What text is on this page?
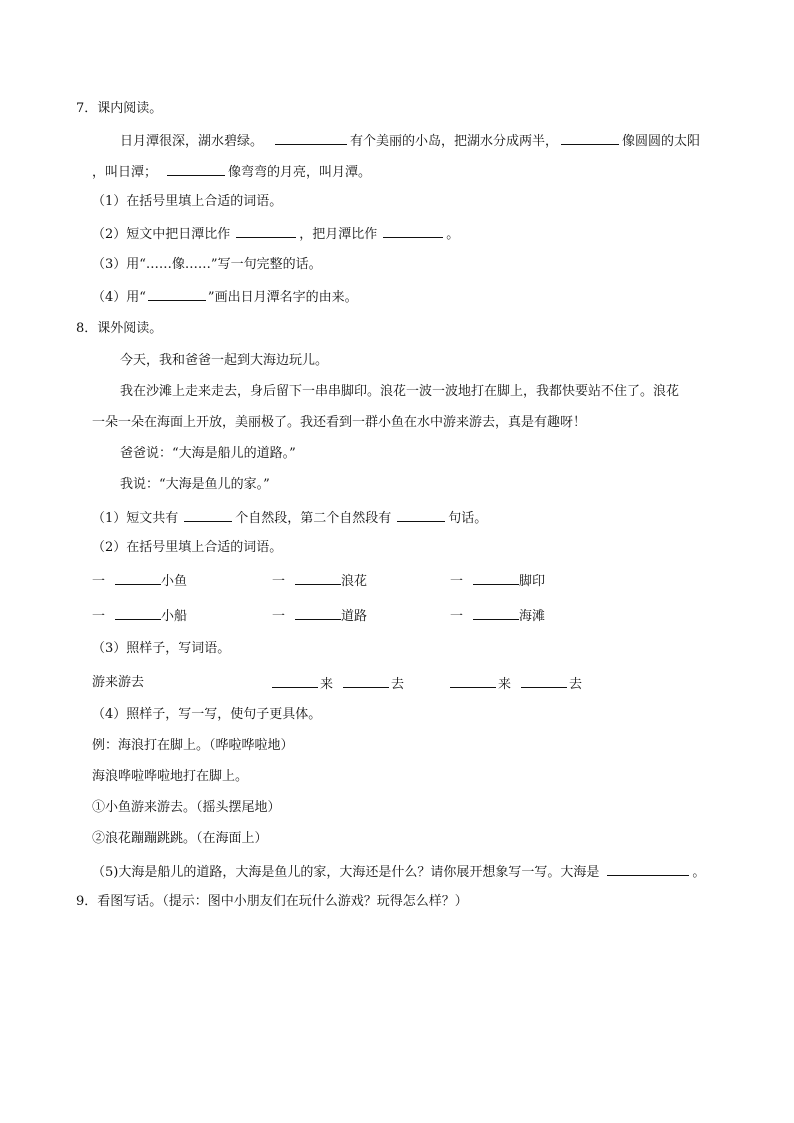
7．课内阅读。
日月潭很深，湖水碧绿。	有个美丽的小岛，把湖水分成两半，	像圆圆的太阳
，叫日潭；	像弯弯的月亮，叫月潭。
（1）在括号里填上合适的词语。
（2）短文中把日潭比作	，把月潭比作	。
（3）用“……像……”写一句完整的话。
（4）用“	”画出日月潭名字的由来。
8．课外阅读。
今天，我和爸爸一起到大海边玩儿。
我在沙滩上走来走去，身后留下一串串脚印。浪花一波一波地打在脚上，我都快要站不住了。浪花
一朵一朵在海面上开放，美丽极了。我还看到一群小鱼在水中游来游去，真是有趣呀！
爸爸说：“大海是船儿的道路。”
我说：“大海是鱼儿的家。”
（1）短文共有	个自然段，第二个自然段有	句话。
（2）在括号里填上合适的词语。
一	小鱼	一	浪花	一	脚印
一	小船	一	道路	一	海滩
（3）照样子，写词语。
游来游去	来	去	来	去
（4）照样子，写一写，使句子更具体。
例：海浪打在脚上。（哗啦哗啦地）
海浪哗啦哗啦地打在脚上。
①小鱼游来游去。（摇头摆尾地）
②浪花蹦蹦跳跳。（在海面上）
（5)大海是船儿的道路，大海是鱼儿的家，大海还是什么？请你展开想象写一写。大海是	。
9．看图写话。（提示：图中小朋友们在玩什么游戏？玩得怎么样？）
